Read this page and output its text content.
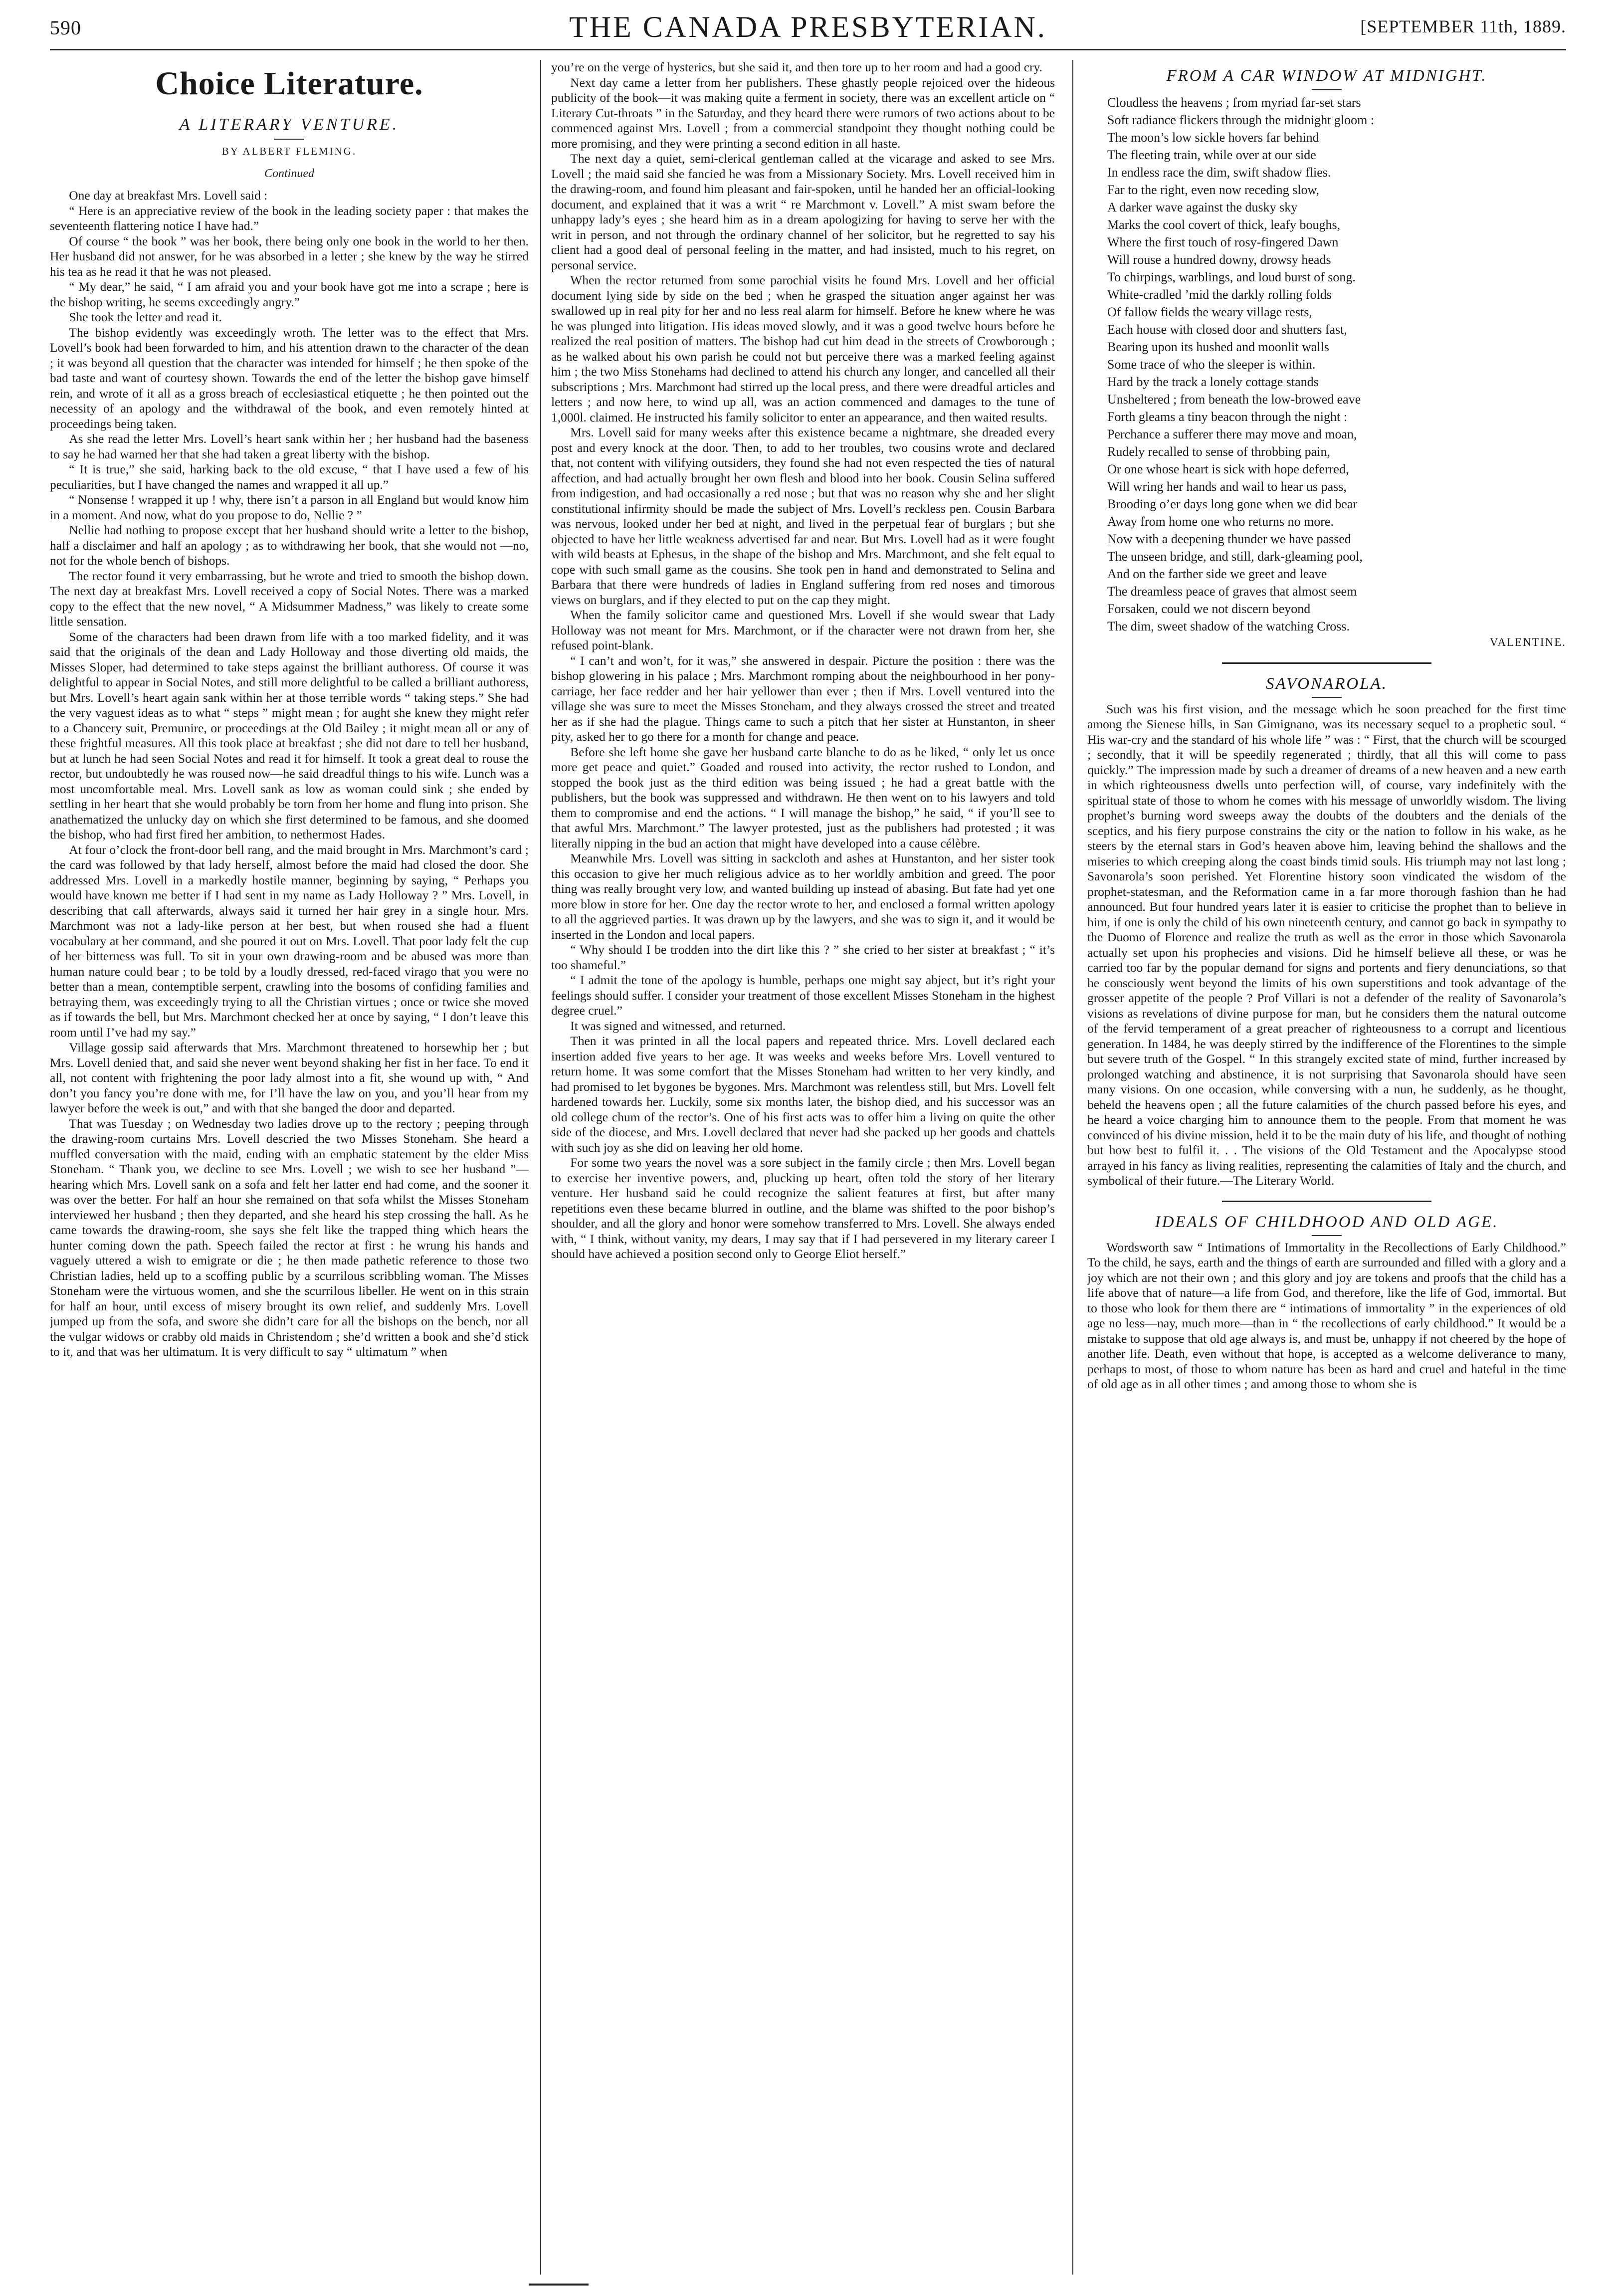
590	THE CANADA PRESBYTERIAN.	[SEPTEMBER 11th, 1889.
Choice Literature.
A LITERARY VENTURE.
BY ALBERT FLEMING.
Continued

One day at breakfast Mrs. Lovell said :

“ Here is an appreciative review of the book in the leading society paper : that makes the seventeenth flattering notice I have had.”

Of course “ the book ” was her book, there being only one book in the world to her then. Her husband did not answer, for he was absorbed in a letter ; she knew by the way he stirred his tea as he read it that he was not pleased.

“ My dear,” he said, “ I am afraid you and your book have got me into a scrape ; here is the bishop writing, he seems exceedingly angry.”

She took the letter and read it.

The bishop evidently was exceedingly wroth. The letter was to the effect that Mrs. Lovell’s book had been forwarded to him, and his attention drawn to the character of the dean ; it was beyond all question that the character was intended for himself ; he then spoke of the bad taste and want of courtesy shown. Towards the end of the letter the bishop gave himself rein, and wrote of it all as a gross breach of ecclesiastical etiquette ; he then pointed out the necessity of an apology and the withdrawal of the book, and even remotely hinted at proceedings being taken.

As she read the letter Mrs. Lovell’s heart sank within her ; her husband had the baseness to say he had warned her that she had taken a great liberty with the bishop.

“ It is true,” she said, harking back to the old excuse, “ that I have used a few of his peculiarities, but I have changed the names and wrapped it all up.”

“ Nonsense ! wrapped it up ! why, there isn’t a parson in all England but would know him in a moment. And now, what do you propose to do, Nellie ? ”

Nellie had nothing to propose except that her husband should write a letter to the bishop, half a disclaimer and half an apology ; as to withdrawing her book, that she would not —no, not for the whole bench of bishops.

The rector found it very embarrassing, but he wrote and tried to smooth the bishop down. The next day at breakfast Mrs. Lovell received a copy of Social Notes. There was a marked copy to the effect that the new novel, “ A Midsummer Madness,” was likely to create some little sensation.

Some of the characters had been drawn from life with a too marked fidelity, and it was said that the originals of the dean and Lady Holloway and those diverting old maids, the Misses Sloper, had determined to take steps against the brilliant authoress. Of course it was delightful to appear in Social Notes, and still more delightful to be called a brilliant authoress, but Mrs. Lovell’s heart again sank within her at those terrible words “ taking steps.” She had the very vaguest ideas as to what “ steps ” might mean ; for aught she knew they might refer to a Chancery suit, Premunire, or proceedings at the Old Bailey ; it might mean all or any of these frightful measures. All this took place at breakfast ; she did not dare to tell her husband, but at lunch he had seen Social Notes and read it for himself. It took a great deal to rouse the rector, but undoubtedly he was roused now—he said dreadful things to his wife. Lunch was a most uncomfortable meal. Mrs. Lovell sank as low as woman could sink ; she ended by settling in her heart that she would probably be torn from her home and flung into prison. She anathematized the unlucky day on which she first determined to be famous, and she doomed the bishop, who had first fired her ambition, to nethermost Hades.

At four o’clock the front-door bell rang, and the maid brought in Mrs. Marchmont’s card ; the card was followed by that lady herself, almost before the maid had closed the door. She addressed Mrs. Lovell in a markedly hostile manner, beginning by saying, “ Perhaps you would have known me better if I had sent in my name as Lady Holloway ? ” Mrs. Lovell, in describing that call afterwards, always said it turned her hair grey in a single hour. Mrs. Marchmont was not a lady-like person at her best, but when roused she had a fluent vocabulary at her command, and she poured it out on Mrs. Lovell. That poor lady felt the cup of her bitterness was full. To sit in your own drawing-room and be abused was more than human nature could bear ; to be told by a loudly dressed, red-faced virago that you were no better than a mean, contemptible serpent, crawling into the bosoms of confiding families and betraying them, was exceedingly trying to all the Christian virtues ; once or twice she moved as if towards the bell, but Mrs. Marchmont checked her at once by saying, “ I don’t leave this room until I’ve had my say.”

Village gossip said afterwards that Mrs. Marchmont threatened to horsewhip her ; but Mrs. Lovell denied that, and said she never went beyond shaking her fist in her face. To end it all, not content with frightening the poor lady almost into a fit, she wound up with, “ And don’t you fancy you’re done with me, for I’ll have the law on you, and you’ll hear from my lawyer before the week is out,” and with that she banged the door and departed.

That was Tuesday ; on Wednesday two ladies drove up to the rectory ; peeping through the drawing-room curtains Mrs. Lovell descried the two Misses Stoneham. She heard a muffled conversation with the maid, ending with an emphatic statement by the elder Miss Stoneham. “ Thank you, we decline to see Mrs. Lovell ; we wish to see her husband ”—hearing which Mrs. Lovell sank on a sofa and felt her latter end had come, and the sooner it was over the better. For half an hour she remained on that sofa whilst the Misses Stoneham interviewed her husband ; then they departed, and she heard his step crossing the hall. As he came towards the drawing-room, she says she felt like the trapped thing which hears the hunter coming down the path. Speech failed the rector at first : he wrung his hands and vaguely uttered a wish to emigrate or die ; he then made pathetic reference to those two Christian ladies, held up to a scoffing public by a scurrilous scribbling woman. The Misses Stoneham were the virtuous women, and she the scurrilous libeller. He went on in this strain for half an hour, until excess of misery brought its own relief, and suddenly Mrs. Lovell jumped up from the sofa, and swore she didn’t care for all the bishops on the bench, nor all the vulgar widows or crabby old maids in Christendom ; she’d written a book and she’d stick to it, and that was her ultimatum. It is very difficult to say “ ultimatum ” when

you’re on the verge of hysterics, but she said it, and then tore up to her room and had a good cry.

Next day came a letter from her publishers. These ghastly people rejoiced over the hideous publicity of the book—it was making quite a ferment in society, there was an excellent article on “ Literary Cut-throats ” in the Saturday, and they heard there were rumors of two actions about to be commenced against Mrs. Lovell ; from a commercial standpoint they thought nothing could be more promising, and they were printing a second edition in all haste.

The next day a quiet, semi-clerical gentleman called at the vicarage and asked to see Mrs. Lovell ; the maid said she fancied he was from a Missionary Society. Mrs. Lovell received him in the drawing-room, and found him pleasant and fair-spoken, until he handed her an official-looking document, and explained that it was a writ “ re Marchmont v. Lovell.” A mist swam before the unhappy lady’s eyes ; she heard him as in a dream apologizing for having to serve her with the writ in person, and not through the ordinary channel of her solicitor, but he regretted to say his client had a good deal of personal feeling in the matter, and had insisted, much to his regret, on personal service.

When the rector returned from some parochial visits he found Mrs. Lovell and her official document lying side by side on the bed ; when he grasped the situation anger against her was swallowed up in real pity for her and no less real alarm for himself. Before he knew where he was he was plunged into litigation. His ideas moved slowly, and it was a good twelve hours before he realized the real position of matters. The bishop had cut him dead in the streets of Crowborough ; as he walked about his own parish he could not but perceive there was a marked feeling against him ; the two Miss Stonehams had declined to attend his church any longer, and cancelled all their subscriptions ; Mrs. Marchmont had stirred up the local press, and there were dreadful articles and letters ; and now here, to wind up all, was an action commenced and damages to the tune of 1,000l. claimed. He instructed his family solicitor to enter an appearance, and then waited results.

Mrs. Lovell said for many weeks after this existence became a nightmare, she dreaded every post and every knock at the door. Then, to add to her troubles, two cousins wrote and declared that, not content with vilifying outsiders, they found she had not even respected the ties of natural affection, and had actually brought her own flesh and blood into her book. Cousin Selina suffered from indigestion, and had occasionally a red nose ; but that was no reason why she and her slight constitutional infirmity should be made the subject of Mrs. Lovell’s reckless pen. Cousin Barbara was nervous, looked under her bed at night, and lived in the perpetual fear of burglars ; but she objected to have her little weakness advertised far and near. But Mrs. Lovell had as it were fought with wild beasts at Ephesus, in the shape of the bishop and Mrs. Marchmont, and she felt equal to cope with such small game as the cousins. She took pen in hand and demonstrated to Selina and Barbara that there were hundreds of ladies in England suffering from red noses and timorous views on burglars, and if they elected to put on the cap they might.

When the family solicitor came and questioned Mrs. Lovell if she would swear that Lady Holloway was not meant for Mrs. Marchmont, or if the character were not drawn from her, she refused point-blank.

“ I can’t and won’t, for it was,” she answered in despair. Picture the position : there was the bishop glowering in his palace ; Mrs. Marchmont romping about the neighbourhood in her pony-carriage, her face redder and her hair yellower than ever ; then if Mrs. Lovell ventured into the village she was sure to meet the Misses Stoneham, and they always crossed the street and treated her as if she had the plague. Things came to such a pitch that her sister at Hunstanton, in sheer pity, asked her to go there for a month for change and peace.

Before she left home she gave her husband carte blanche to do as he liked, “ only let us once more get peace and quiet.” Goaded and roused into activity, the rector rushed to London, and stopped the book just as the third edition was being issued ; he had a great battle with the publishers, but the book was suppressed and withdrawn. He then went on to his lawyers and told them to compromise and end the actions. “ I will manage the bishop,” he said, “ if you’ll see to that awful Mrs. Marchmont.” The lawyer protested, just as the publishers had protested ; it was literally nipping in the bud an action that might have developed into a cause célèbre.

Meanwhile Mrs. Lovell was sitting in sackcloth and ashes at Hunstanton, and her sister took this occasion to give her much religious advice as to her worldly ambition and greed. The poor thing was really brought very low, and wanted building up instead of abasing. But fate had yet one more blow in store for her. One day the rector wrote to her, and enclosed a formal written apology to all the aggrieved parties. It was drawn up by the lawyers, and she was to sign it, and it would be inserted in the London and local papers.

“ Why should I be trodden into the dirt like this ? ” she cried to her sister at breakfast ; “ it’s too shameful.”

“ I admit the tone of the apology is humble, perhaps one might say abject, but it’s right your feelings should suffer. I consider your treatment of those excellent Misses Stoneham in the highest degree cruel.”

It was signed and witnessed, and returned.

Then it was printed in all the local papers and repeated thrice. Mrs. Lovell declared each insertion added five years to her age. It was weeks and weeks before Mrs. Lovell ventured to return home. It was some comfort that the Misses Stoneham had written to her very kindly, and had promised to let bygones be bygones. Mrs. Marchmont was relentless still, but Mrs. Lovell felt hardened towards her. Luckily, some six months later, the bishop died, and his successor was an old college chum of the rector’s. One of his first acts was to offer him a living on quite the other side of the diocese, and Mrs. Lovell declared that never had she packed up her goods and chattels with such joy as she did on leaving her old home.

For some two years the novel was a sore subject in the family circle ; then Mrs. Lovell began to exercise her inventive powers, and, plucking up heart, often told the story of her literary venture. Her husband said he could recognize the salient features at first, but after many repetitions even these became blurred in outline, and the blame was shifted to the poor bishop’s shoulder, and all the glory and honor were somehow transferred to Mrs. Lovell. She always ended with, “ I think, without vanity, my dears, I may say that if I had persevered in my literary career I should have achieved a position second only to George Eliot herself.”

FROM A CAR WINDOW AT MIDNIGHT.
Cloudless the heavens ; from myriad far-set stars
Soft radiance flickers through the midnight gloom :
The moon’s low sickle hovers far behind
The fleeting train, while over at our side
In endless race the dim, swift shadow flies.
Far to the right, even now receding slow,
A darker wave against the dusky sky
Marks the cool covert of thick, leafy boughs,
Where the first touch of rosy-fingered Dawn
Will rouse a hundred downy, drowsy heads
To chirpings, warblings, and loud burst of song.
White-cradled ’mid the darkly rolling folds
Of fallow fields the weary village rests,
Each house with closed door and shutters fast,
Bearing upon its hushed and moonlit walls
Some trace of who the sleeper is within.
Hard by the track a lonely cottage stands
Unsheltered ; from beneath the low-browed eave
Forth gleams a tiny beacon through the night :
Perchance a sufferer there may move and moan,
Rudely recalled to sense of throbbing pain,
Or one whose heart is sick with hope deferred,
Will wring her hands and wail to hear us pass,
Brooding o’er days long gone when we did bear
Away from home one who returns no more.
Now with a deepening thunder we have passed
The unseen bridge, and still, dark-gleaming pool,
And on the farther side we greet and leave
The dreamless peace of graves that almost seem
Forsaken, could we not discern beyond
The dim, sweet shadow of the watching Cross.
VALENTINE.
SAVONAROLA.

Such was his first vision, and the message which he soon preached for the first time among the Sienese hills, in San Gimignano, was its necessary sequel to a prophetic soul. “ His war-cry and the standard of his whole life ” was : “ First, that the church will be scourged ; secondly, that it will be speedily regenerated ; thirdly, that all this will come to pass quickly.” The impression made by such a dreamer of dreams of a new heaven and a new earth in which righteousness dwells unto perfection will, of course, vary indefinitely with the spiritual state of those to whom he comes with his message of unworldly wisdom. The living prophet’s burning word sweeps away the doubts of the doubters and the denials of the sceptics, and his fiery purpose constrains the city or the nation to follow in his wake, as he steers by the eternal stars in God’s heaven above him, leaving behind the shallows and the miseries to which creeping along the coast binds timid souls. His triumph may not last long ; Savonarola’s soon perished. Yet Florentine history soon vindicated the wisdom of the prophet-statesman, and the Reformation came in a far more thorough fashion than he had announced. But four hundred years later it is easier to criticise the prophet than to believe in him, if one is only the child of his own nineteenth century, and cannot go back in sympathy to the Duomo of Florence and realize the truth as well as the error in those which Savonarola actually set upon his prophecies and visions. Did he himself believe all these, or was he carried too far by the popular demand for signs and portents and fiery denunciations, so that he consciously went beyond the limits of his own superstitions and took advantage of the grosser appetite of the people ? Prof Villari is not a defender of the reality of Savonarola’s visions as revelations of divine purpose for man, but he considers them the natural outcome of the fervid temperament of a great preacher of righteousness to a corrupt and licentious generation. In 1484, he was deeply stirred by the indifference of the Florentines to the simple but severe truth of the Gospel. “ In this strangely excited state of mind, further increased by prolonged watching and abstinence, it is not surprising that Savonarola should have seen many visions. On one occasion, while conversing with a nun, he suddenly, as he thought, beheld the heavens open ; all the future calamities of the church passed before his eyes, and he heard a voice charging him to announce them to the people. From that moment he was convinced of his divine mission, held it to be the main duty of his life, and thought of nothing but how best to fulfil it. . . The visions of the Old Testament and the Apocalypse stood arrayed in his fancy as living realities, representing the calamities of Italy and the church, and symbolical of their future.—The Literary World.

IDEALS OF CHILDHOOD AND OLD AGE.

Wordsworth saw “ Intimations of Immortality in the Recollections of Early Childhood.” To the child, he says, earth and the things of earth are surrounded and filled with a glory and a joy which are not their own ; and this glory and joy are tokens and proofs that the child has a life above that of nature—a life from God, and therefore, like the life of God, immortal. But to those who look for them there are “ intimations of immortality ” in the experiences of old age no less—nay, much more—than in “ the recollections of early childhood.” It would be a mistake to suppose that old age always is, and must be, unhappy if not cheered by the hope of another life. Death, even without that hope, is accepted as a welcome deliverance to many, perhaps to most, of those to whom nature has been as hard and cruel and hateful in the time of old age as in all other times ; and among those to whom she is
